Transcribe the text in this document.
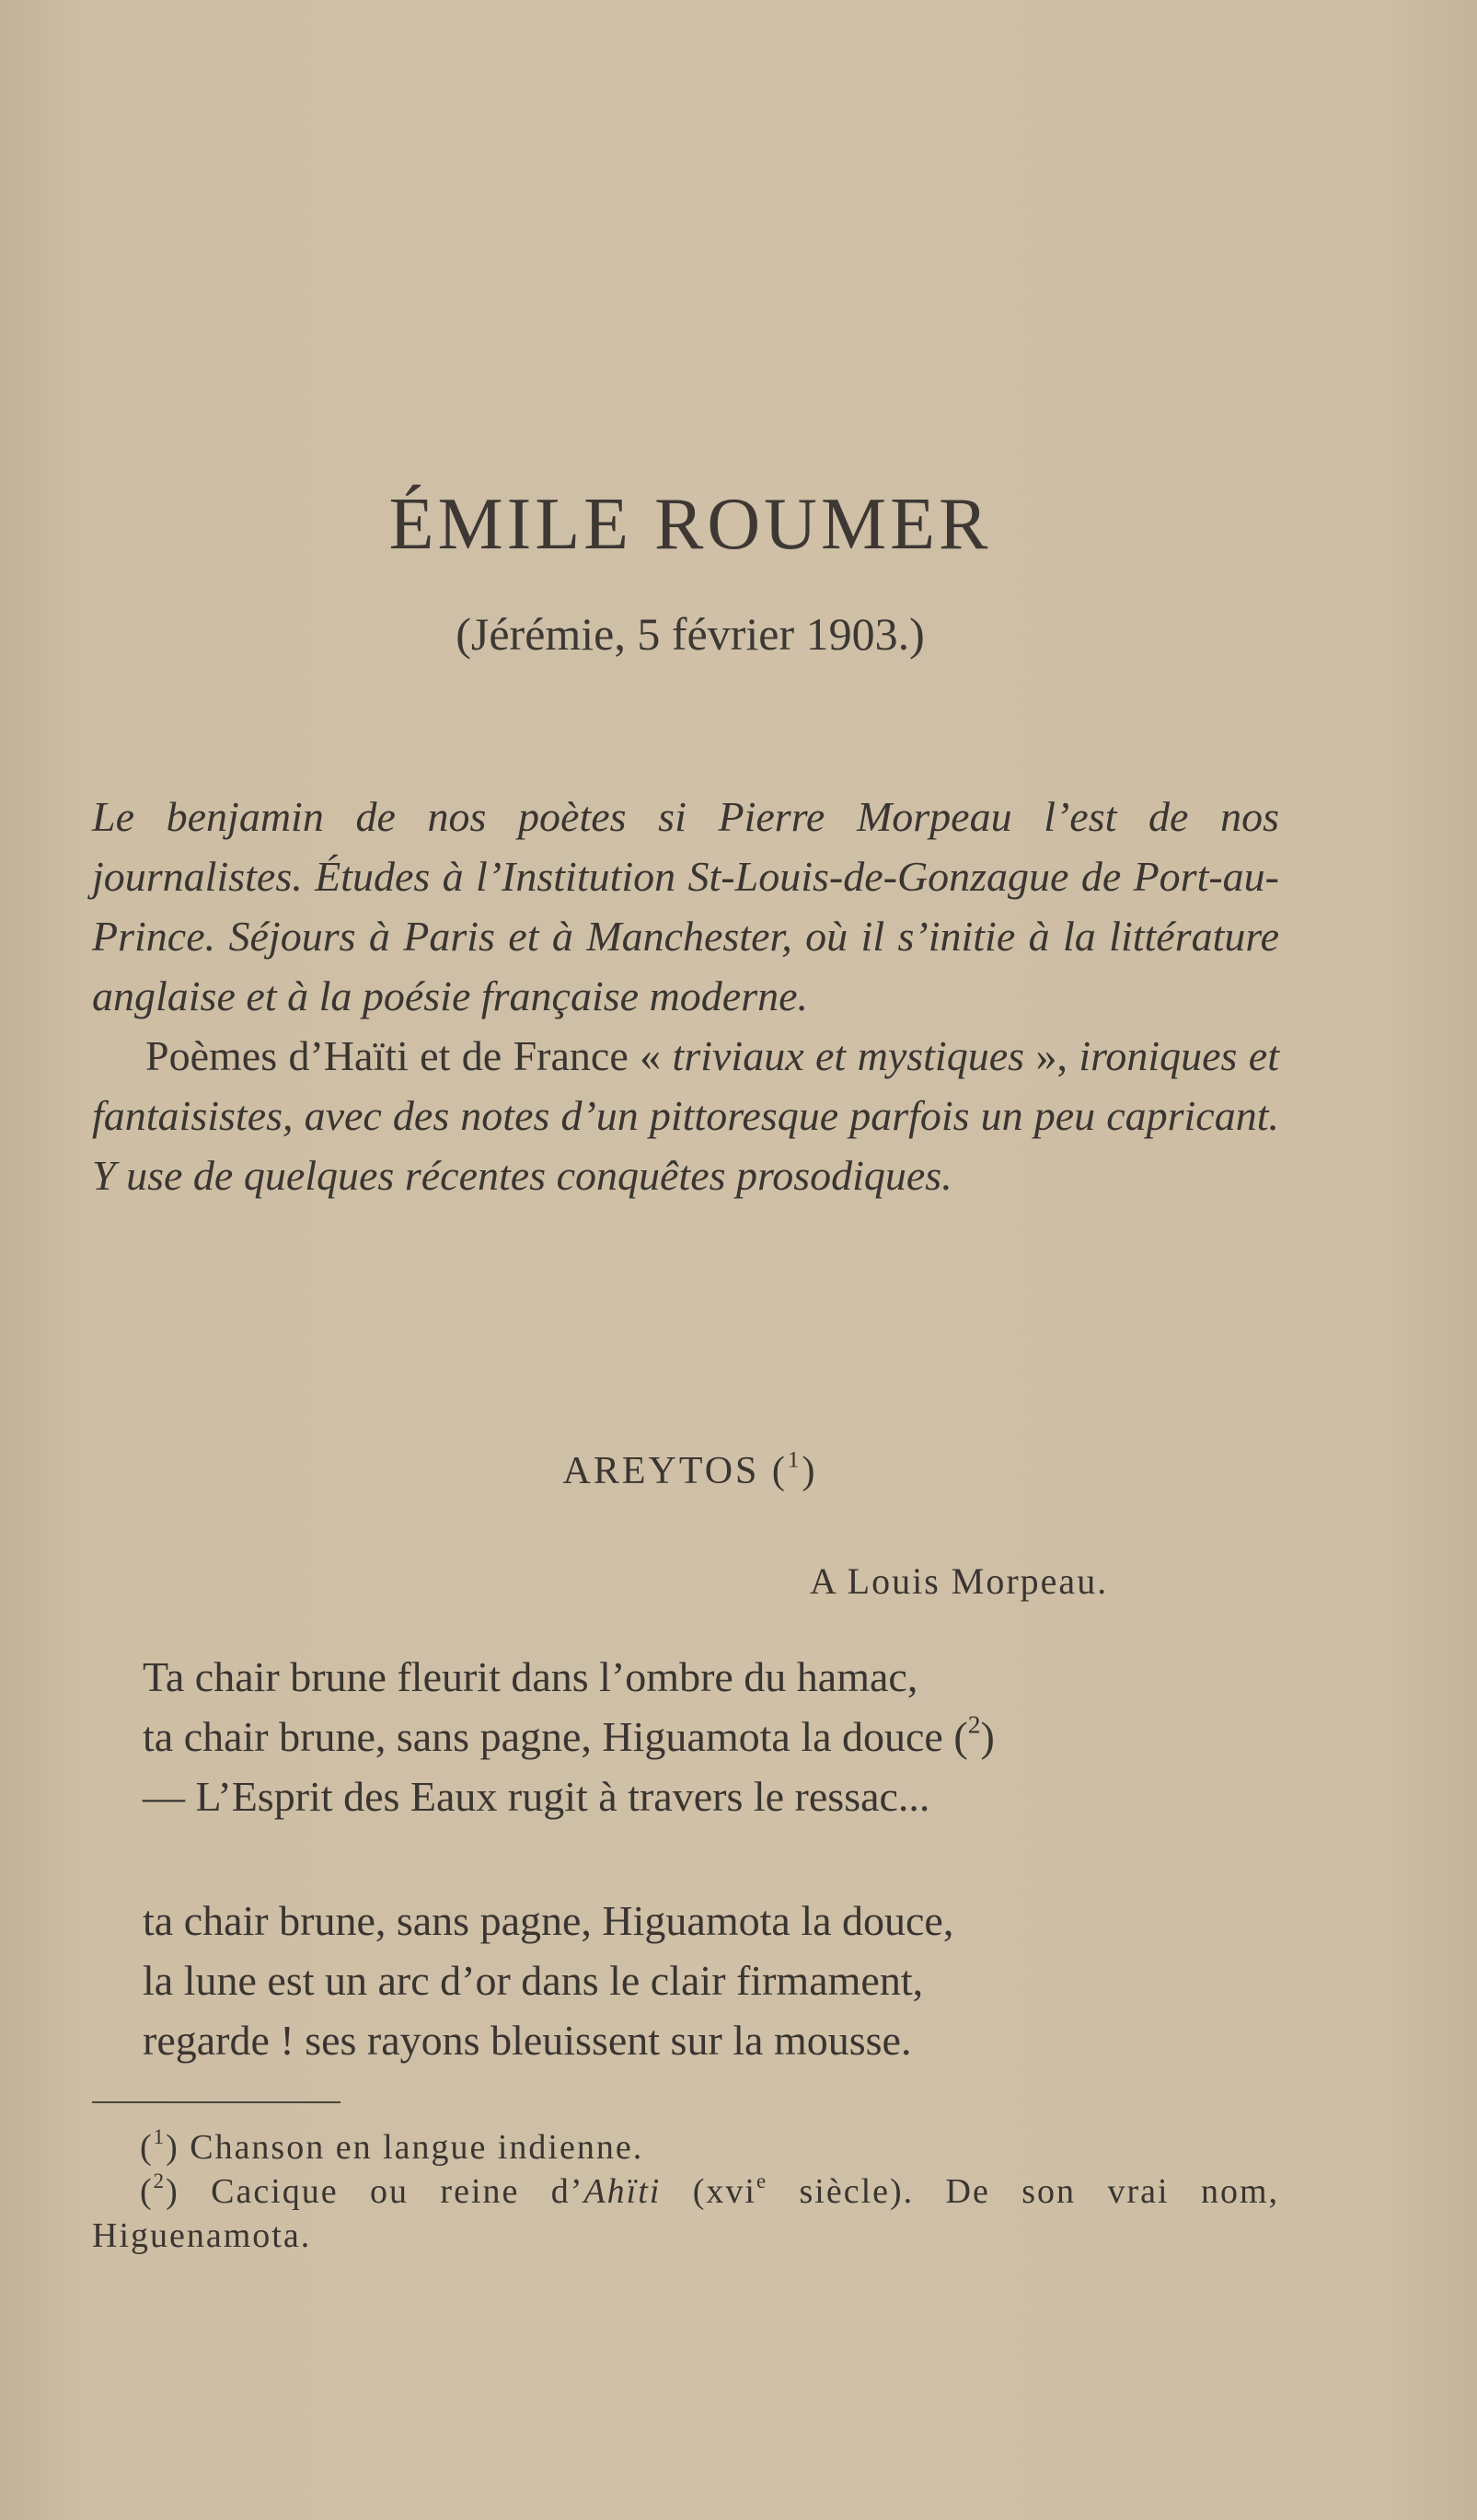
ÉMILE ROUMER
(Jérémie, 5 février 1903.)

Le benjamin de nos poètes si Pierre Morpeau l’est de nos journalistes. Études à l’Institution St-Louis-de-Gonzague de Port-au-Prince. Séjours à Paris et à Manchester, où il s’initie à la littérature anglaise et à la poésie française moderne.

Poèmes d’Haïti et de France « triviaux et mystiques », ironiques et fantaisistes, avec des notes d’un pittoresque parfois un peu capricant. Y use de quelques récentes conquêtes prosodiques.

AREYTOS ($^1$)
A Louis Morpeau.
Ta chair brune fleurit dans l’ombre du hamac,
ta chair brune, sans pagne, Higuamota la douce ($^2$)
— L’Esprit des Eaux rugit à travers le ressac...
ta chair brune, sans pagne, Higuamota la douce,
la lune est un arc d’or dans le clair firmament,
regarde ! ses rayons bleuissent sur la mousse.

($^1$) Chanson en langue indienne.

($^2$) Cacique ou reine d’Ahïti (xvi$^e$ siècle). De son vrai nom, Higuenamota.
